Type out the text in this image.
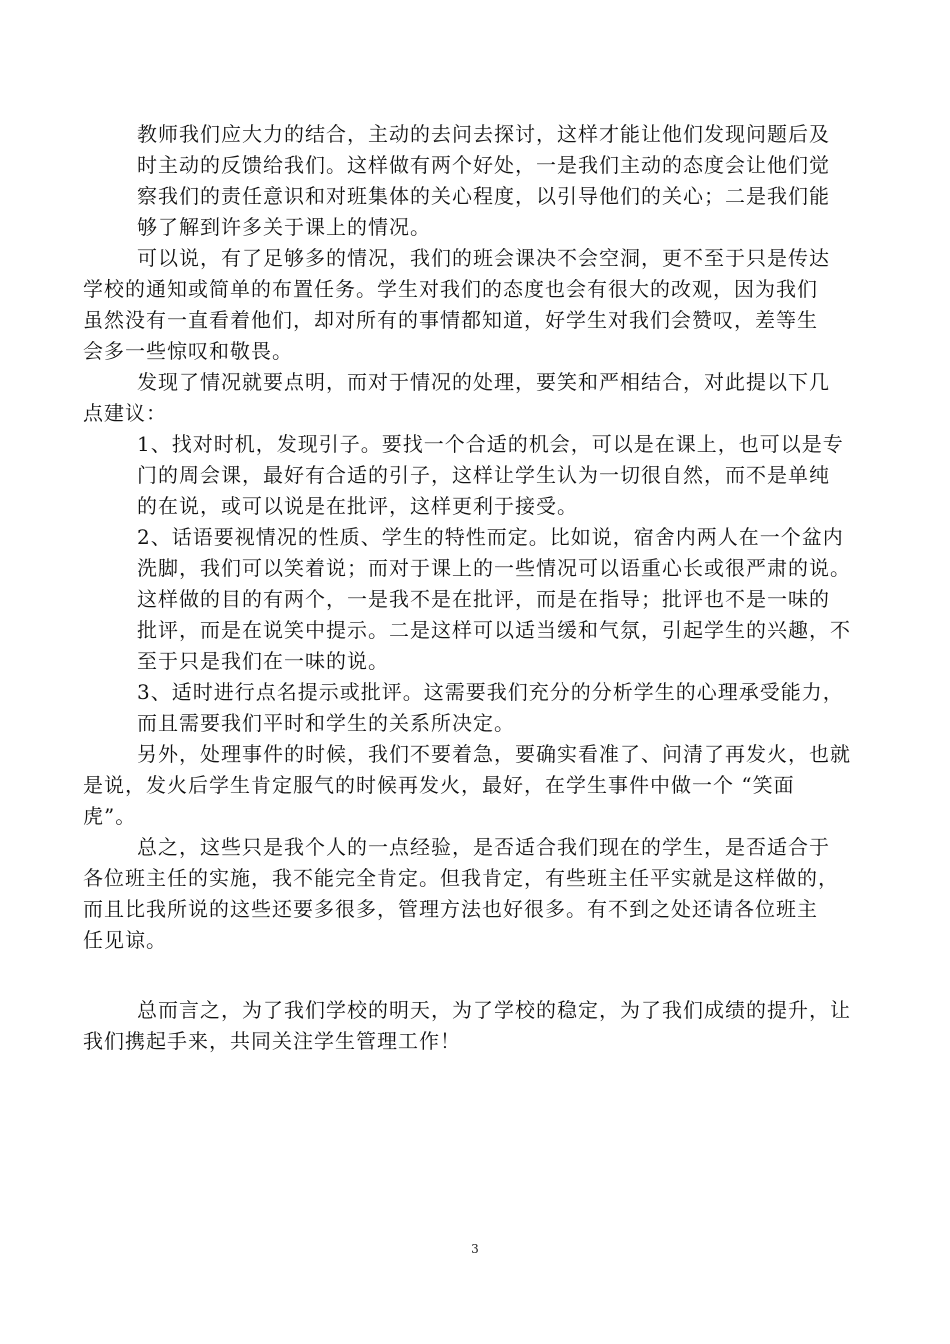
教师我们应大力的结合，主动的去问去探讨，这样才能让他们发现问题后及
时主动的反馈给我们。这样做有两个好处，一是我们主动的态度会让他们觉
察我们的责任意识和对班集体的关心程度，以引导他们的关心；二是我们能
够了解到许多关于课上的情况。
可以说，有了足够多的情况，我们的班会课决不会空洞，更不至于只是传达
学校的通知或简单的布置任务。学生对我们的态度也会有很大的改观，因为我们
虽然没有一直看着他们，却对所有的事情都知道，好学生对我们会赞叹，差等生
会多一些惊叹和敬畏。
发现了情况就要点明，而对于情况的处理，要笑和严相结合，对此提以下几
点建议：
1、找对时机，发现引子。要找一个合适的机会，可以是在课上，也可以是专
门的周会课，最好有合适的引子，这样让学生认为一切很自然，而不是单纯
的在说，或可以说是在批评，这样更利于接受。
2、话语要视情况的性质、学生的特性而定。比如说，宿舍内两人在一个盆内
洗脚，我们可以笑着说；而对于课上的一些情况可以语重心长或很严肃的说。
这样做的目的有两个，一是我不是在批评，而是在指导；批评也不是一味的
批评，而是在说笑中提示。二是这样可以适当缓和气氛，引起学生的兴趣，不
至于只是我们在一味的说。
3、适时进行点名提示或批评。这需要我们充分的分析学生的心理承受能力，
而且需要我们平时和学生的关系所决定。
另外，处理事件的时候，我们不要着急，要确实看准了、问清了再发火，也就
是说，发火后学生肯定服气的时候再发火，最好，在学生事件中做一个 “笑面
虎”。
总之，这些只是我个人的一点经验，是否适合我们现在的学生，是否适合于
各位班主任的实施，我不能完全肯定。但我肯定，有些班主任平实就是这样做的，
而且比我所说的这些还要多很多，管理方法也好很多。有不到之处还请各位班主
任见谅。
总而言之，为了我们学校的明天，为了学校的稳定，为了我们成绩的提升，让
我们携起手来，共同关注学生管理工作！
3
